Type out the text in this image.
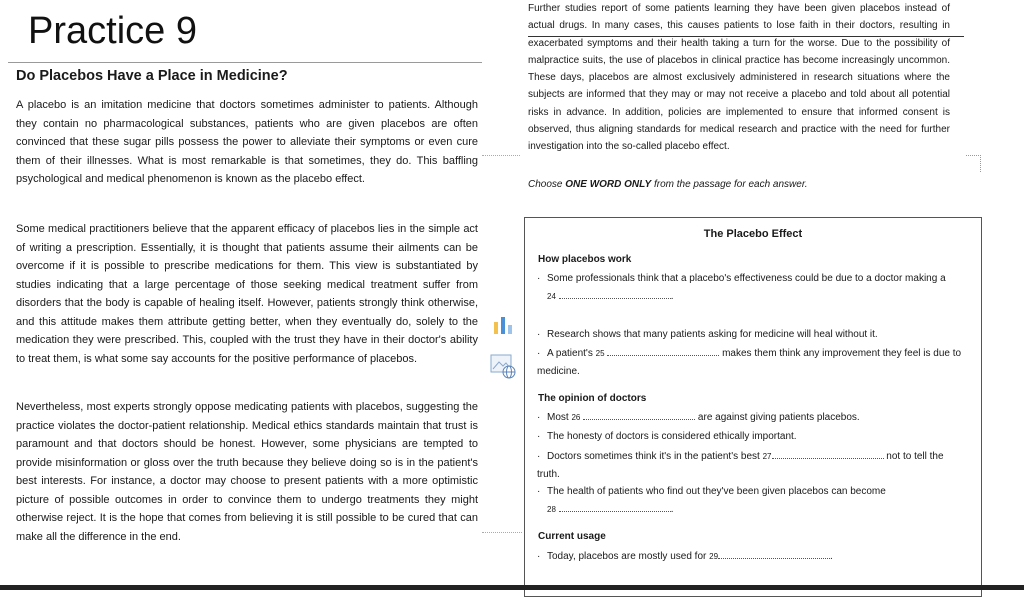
Practice 9
Do Placebos Have a Place in Medicine?
A placebo is an imitation medicine that doctors sometimes administer to patients. Although they contain no pharmacological substances, patients who are given placebos are often convinced that these sugar pills possess the power to alleviate their symptoms or even cure them of their illnesses. What is most remarkable is that sometimes, they do. This baffling psychological and medical phenomenon is known as the placebo effect.
Some medical practitioners believe that the apparent efficacy of placebos lies in the simple act of writing a prescription. Essentially, it is thought that patients assume their ailments can be overcome if it is possible to prescribe medications for them. This view is substantiated by studies indicating that a large percentage of those seeking medical treatment suffer from disorders that the body is capable of healing itself. However, patients strongly think otherwise, and this attitude makes them attribute getting better, when they eventually do, solely to the medication they were prescribed. This, coupled with the trust they have in their doctor's ability to treat them, is what some say accounts for the positive performance of placebos.
Nevertheless, most experts strongly oppose medicating patients with placebos, suggesting the practice violates the doctor-patient relationship. Medical ethics standards maintain that trust is paramount and that doctors should be honest. However, some physicians are tempted to provide misinformation or gloss over the truth because they believe doing so is in the patient's best interests. For instance, a doctor may choose to present patients with a more optimistic picture of possible outcomes in order to convince them to undergo treatments they might otherwise reject. It is the hope that comes from believing it is still possible to be cured that can make all the difference in the end.
Further studies report of some patients learning they have been given placebos instead of actual drugs. In many cases, this causes patients to lose faith in their doctors, resulting in exacerbated symptoms and their health taking a turn for the worse. Due to the possibility of malpractice suits, the use of placebos in clinical practice has become increasingly uncommon. These days, placebos are almost exclusively administered in research situations where the subjects are informed that they may or may not receive a placebo and told about all potential risks in advance. In addition, policies are implemented to ensure that informed consent is observed, thus aligning standards for medical research and practice with the need for further investigation into the so-called placebo effect.
Choose ONE WORD ONLY from the passage for each answer.
The Placebo Effect
How placebos work
· Some professionals think that a placebo's effectiveness could be due to a doctor making a
24	.
· Research shows that many patients asking for medicine will heal without it.
· A patient's 25	makes them think any improvement they feel is due to medicine.
The opinion of doctors
· Most 26	are against giving patients placebos.
· The honesty of doctors is considered ethically important.
· Doctors sometimes think it's in the patient's best 27	not to tell the truth.
· The health of patients who find out they've been given placebos can become
28	.
Current usage
· Today, placebos are mostly used for 29	.
